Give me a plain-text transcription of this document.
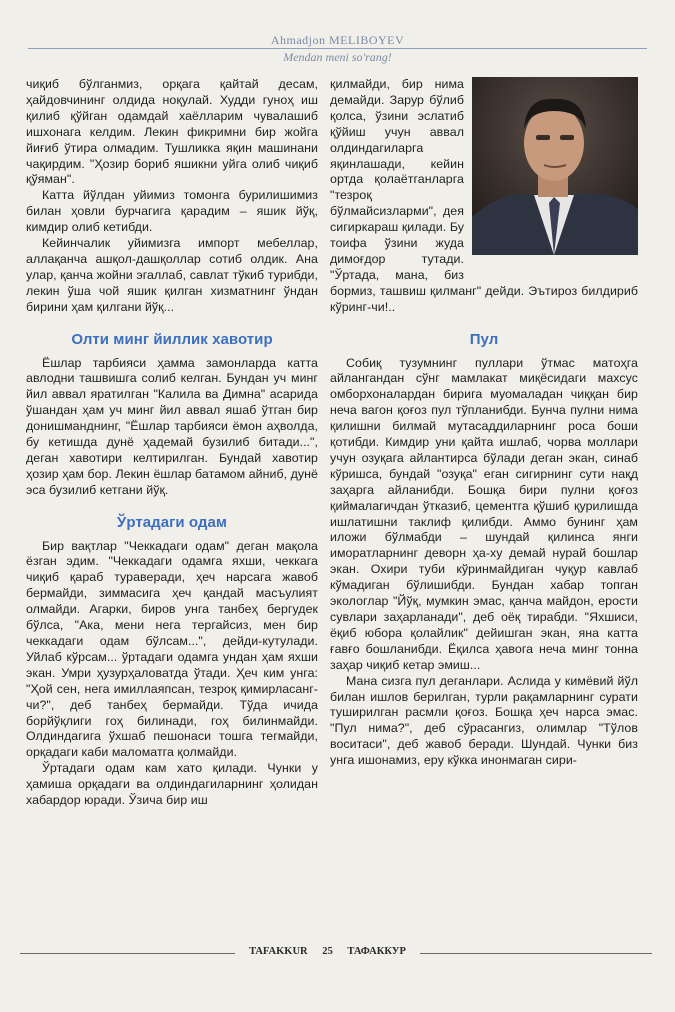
Ahmadjon MELIBOYEV
Mendan meni so'rang!

чиқиб бўлганмиз, орқага қайтай десам, ҳайдовчининг олдида ноқулай. Худди гуноҳ иш қилиб қўйган одамдай хаёлларим чувалашиб ишхонага келдим. Лекин фикримни бир жойга йиғиб ўтира олмадим. Тушликка яқин машинани чақирдим. "Ҳозир бориб яшикни уйга олиб чиқиб қўяман".

Катта йўлдан уйимиз томонга бурилишимиз билан ҳовли бурчагига қарадим – яшик йўқ, кимдир олиб кетибди.

Кейинчалик уйимизга импорт мебеллар, аллақанча ашқол-дашқоллар сотиб олдик. Ана улар, қанча жойни эгаллаб, савлат тўкиб турибди, лекин ўша чой яшик қилган хизматнинг ўндан бирини ҳам қилгани йўқ...

Олти минг йиллик хавотир

Ёшлар тарбияси ҳамма замонларда катта авлодни ташвишга солиб келган. Бундан уч минг йил аввал яратилган "Калила ва Димна" асарида ўшандан ҳам уч минг йил аввал яшаб ўтган бир донишманднинг, "Ёшлар тарбияси ёмон аҳволда, бу кетишда дунё ҳадемай бузилиб битади...", деган хавотири келтирилган. Бундай хавотир ҳозир ҳам бор. Лекин ёшлар батамом айниб, дунё эса бузилиб кетгани йўқ.

Ўртадаги одам

Бир вақтлар "Чеккадаги одам" деган мақола ёзган эдим. "Чеккадаги одамга яхши, чеккага чиқиб қараб тураверади, ҳеч нарсага жавоб бермайди, зиммасига ҳеч қандай масъулият олмайди. Агарки, биров унга танбеҳ бергудек бўлса, "Ака, мени нега тергайсиз, мен бир чеккадаги одам бўлсам...", дейди-кутулади. Уйлаб кўрсам... ўртадаги одамга ундан ҳам яхши экан. Умри ҳузурҳаловатда ўтади. Ҳеч ким унга: "Ҳой сен, нега имиллаяпсан, тезроқ қимирласанг-чи?", деб танбеҳ бермайди. Тўда ичида борйўқлиги гоҳ билинади, гоҳ билинмайди. Олдиндагига ўхшаб пешонаси тошга тегмайди, орқадаги каби маломатга қолмайди.

Ўртадаги одам кам хато қилади. Чунки у ҳамиша орқадаги ва олдиндагиларнинг ҳолидан хабардор юради. Ўзича бир иш

қилмайди, бир нима демайди. Зарур бўлиб қолса, ўзини эслатиб қўйиш учун аввал олдиндагиларга яқинлашади, кейин ортда қолаётганларга "тезроқ бўлмайсизларми", дея сигиркараш қилади. Бу тоифа ўзини жуда димоғдор тутади. "Ўртада, мана, биз бормиз, ташвиш қилманг" дейди. Эътироз билдириб кўринг-чи!..

Пул

Собиқ тузумнинг пуллари ўтмас матоҳга айлангандан сўнг мамлакат миқёсидаги махсус омборхоналардан бирига муомаладан чиққан бир неча вагон қоғоз пул тўпланибди. Бунча пулни нима қилишни билмай мутасаддиларнинг роса боши қотибди. Кимдир уни қайта ишлаб, чорва моллари учун озуқага айлантирса бўлади деган экан, синаб кўришса, бундай "озуқа" еган сигирнинг сути нақд заҳарга айланибди. Бошқа бири пулни қоғоз қиймалагичдан ўтказиб, цементга қўшиб қурилишда ишлатишни таклиф қилибди. Аммо бунинг ҳам иложи бўлмабди – шундай қилинса янги иморатларнинг деворн ҳа-ху демай нурай бошлар экан. Охири туби кўринмайдиган чуқур кавлаб кўмадиган бўлишибди. Бундан хабар топган экологлар "Йўқ, мумкин эмас, қанча майдон, ерости сувлари заҳарланади", деб оёқ тирабди. "Яхшиси, ёқиб юбора қолайлик" дейишган экан, яна катта ғавғо бошланибди. Ёқилса ҳавога неча минг тонна заҳар чиқиб кетар эмиш...

Мана сизга пул деганлари. Аслида у кимёвий йўл билан ишлов берилган, турли рақамларнинг сурати туширилган расмли қоғоз. Бошқа ҳеч нарса эмас. "Пул нима?", деб сўрасангиз, олимлар "Тўлов воситаси", деб жавоб беради. Шундай. Чунки биз унга ишонамиз, ерy кўкка инонмаган сири-

TAFAKKUR 25 ТАФАККУР
